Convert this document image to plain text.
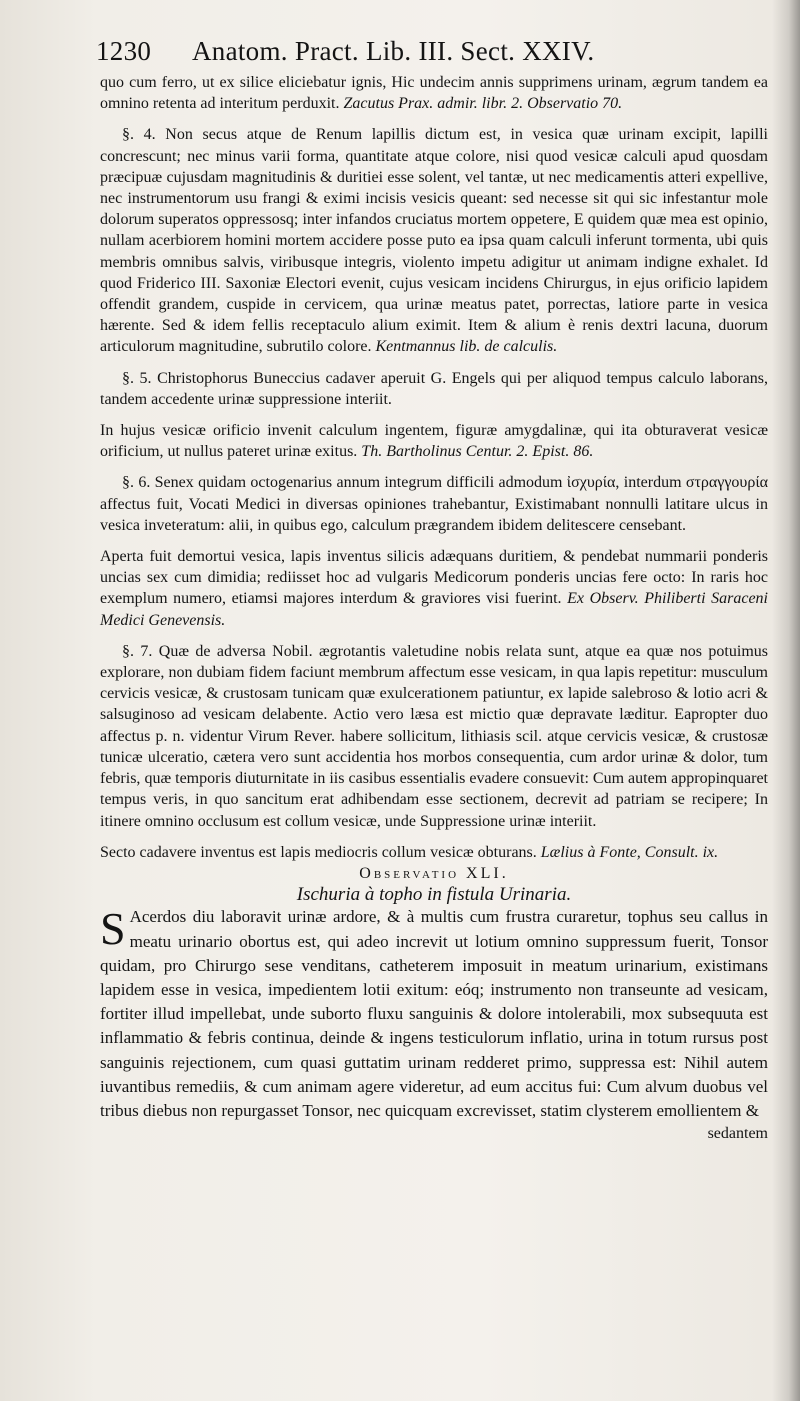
1230 Anatom. Pract. Lib. III. Sect. XXIV.

quo cum ferro, ut ex silice eliciebatur ignis, Hic undecim annis supprimens urinam, ægrum tandem ea omnino retenta ad interitum perduxit. Zacutus Prax. admir. libr. 2. Observatio 70.

§. 4. Non secus atque de Renum lapillis dictum est, in vesica quæ urinam excipit, lapilli concrescunt; nec minus varii forma, quantitate atque colore, nisi quod vesicæ calculi apud quosdam præcipuæ cujusdam magnitudinis & duritiei esse solent, vel tantæ, ut nec medicamentis atteri expellive, nec instrumentorum usu frangi & eximi incisis vesicis queant: sed necesse sit qui sic infestantur mole dolorum superatos oppressosq; inter infandos cruciatus mortem oppetere, E quidem quæ mea est opinio, nullam acerbiorem homini mortem accidere posse puto ea ipsa quam calculi inferunt tormenta, ubi quis membris omnibus salvis, viribusque integris, violento impetu adigitur ut animam indigne exhalet. Id quod Friderico III. Saxoniæ Electori evenit, cujus vesicam incidens Chirurgus, in ejus orificio lapidem offendit grandem, cuspide in cervicem, qua urinæ meatus patet, porrectas, latiore parte in vesica hærente. Sed & idem fellis receptaculo alium eximit. Item & alium è renis dextri lacuna, duorum articulorum magnitudine, subrutilo colore. Kentmannus lib. de calculis.

§. 5. Christophorus Buneccius cadaver aperuit G. Engels qui per aliquod tempus calculo laborans, tandem accedente urinæ suppressione interiit.

In hujus vesicæ orificio invenit calculum ingentem, figuræ amygdalinæ, qui ita obturaverat vesicæ orificium, ut nullus pateret urinæ exitus. Th. Bartholinus Centur. 2. Epist. 86.

§. 6. Senex quidam octogenarius annum integrum difficili admodum ἰσχυρία, interdum στραγγουρία affectus fuit, Vocati Medici in diversas opiniones trahebantur, Existimabant nonnulli latitare ulcus in vesica inveteratum: alii, in quibus ego, calculum prægrandem ibidem delitescere censebant.

Aperta fuit demortui vesica, lapis inventus silicis adæquans duritiem, & pendebat nummarii ponderis uncias sex cum dimidia; rediisset hoc ad vulgaris Medicorum ponderis uncias fere octo: In raris hoc exemplum numero, etiamsi majores interdum & graviores visi fuerint. Ex Observ. Philiberti Saraceni Medici Genevensis.

§. 7. Quæ de adversa Nobil. ægrotantis valetudine nobis relata sunt, atque ea quæ nos potuimus explorare, non dubiam fidem faciunt membrum affectum esse vesicam, in qua lapis repetitur: musculum cervicis vesicæ, & crustosam tunicam quæ exulcerationem patiuntur, ex lapide salebroso & lotio acri & salsuginoso ad vesicam delabente. Actio vero læsa est mictio quæ depravate læditur. Eapropter duo affectus p. n. videntur Virum Rever. habere sollicitum, lithiasis scil. atque cervicis vesicæ, & crustosæ tunicæ ulceratio, cætera vero sunt accidentia hos morbos consequentia, cum ardor urinæ & dolor, tum febris, quæ temporis diuturnitate in iis casibus essentialis evadere consuevit: Cum autem appropinquaret tempus veris, in quo sancitum erat adhibendam esse sectionem, decrevit ad patriam se recipere; In itinere omnino occlusum est collum vesicæ, unde Suppressione urinæ interiit.

Secto cadavere inventus est lapis mediocris collum vesicæ obturans. Lælius à Fonte, Consult. ix.

Observatio XLI.

Ischuria à topho in fistula Urinaria.

S Acerdos diu laboravit urinæ ardore, & à multis cum frustra curaretur, tophus seu callus in meatu urinario obortus est, qui adeo increvit ut lotium omnino suppressum fuerit, Tonsor quidam, pro Chirurgo sese venditans, catheterem imposuit in meatum urinarium, existimans lapidem esse in vesica, impedientem lotii exitum: eóq; instrumento non transeunte ad vesicam, fortiter illud impellebat, unde suborto fluxu sanguinis & dolore intolerabili, mox subsequuta est inflammatio & febris continua, deinde & ingens testiculorum inflatio, urina in totum rursus post sanguinis rejectionem, cum quasi guttatim urinam redderet primo, suppressa est: Nihil autem iuvantibus remediis, & cum animam agere videretur, ad eum accitus fui: Cum alvum duobus vel tribus diebus non repurgasset Tonsor, nec quicquam excrevisset, statim clysterem emollientem &

sedantem
